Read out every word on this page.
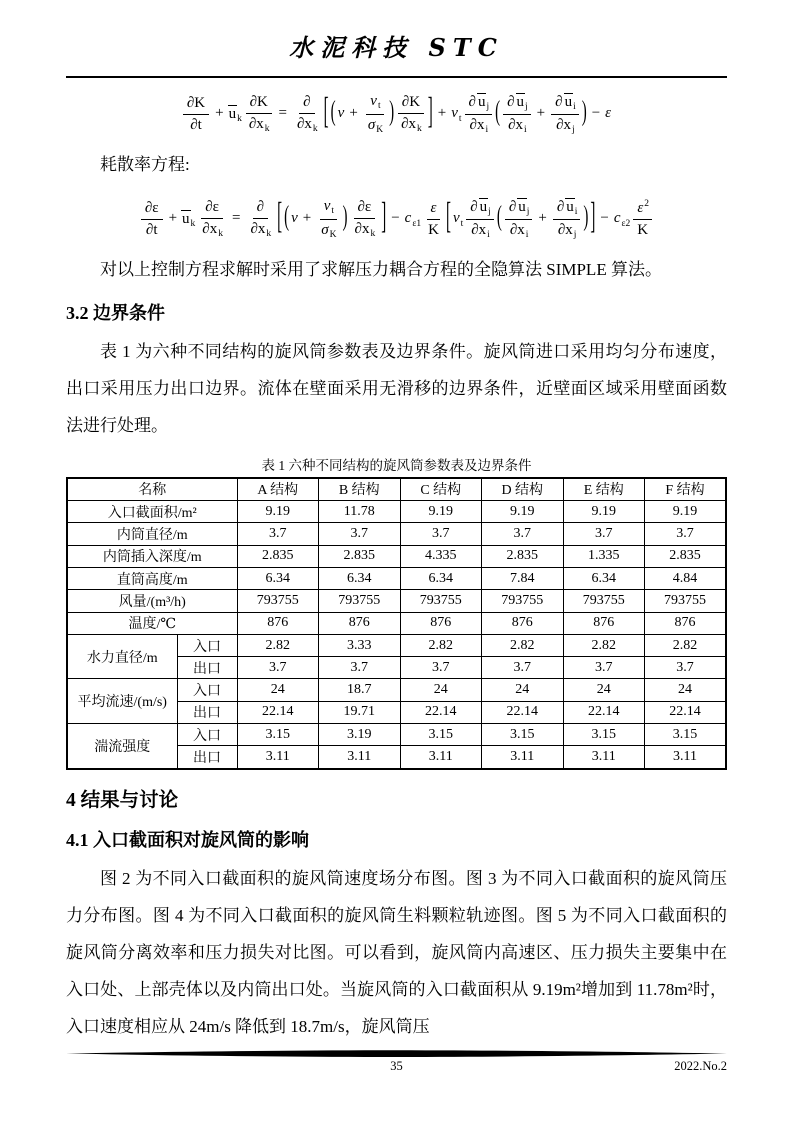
水泥科技 STC
$\frac{\partial K}{\partial t} + u_k \frac{\partial K}{\partial x_k} = \frac{\partial}{\partial x_k}$ [ ( $\nu + \frac{\nu_t}{\sigma_K}$ ) $\frac{\partial K}{\partial x_k}$ ] + $\nu_t \frac{\partial u_j}{\partial x_i}$ ( $\frac{\partial u_j}{\partial x_i} + \frac{\partial u_i}{\partial x_j}$ ) − ε

耗散率方程:

$\frac{\partial\varepsilon}{\partial t} + u_k \frac{\partial\varepsilon}{\partial x_k} = \frac{\partial}{\partial x_k}$ [ ( $\nu + \frac{\nu_t}{\sigma_K}$ ) $\frac{\partial\varepsilon}{\partial x_k}$ ] − $c_{\varepsilon 1} \frac{\varepsilon}{K}$ [ $\nu_t \frac{\partial u_j}{\partial x_i}$ ( $\frac{\partial u_j}{\partial x_i} + \frac{\partial u_i}{\partial x_j}$ ) ] − $c_{\varepsilon 2} \frac{\varepsilon^2}{K}$

对以上控制方程求解时采用了求解压力耦合方程的全隐算法 SIMPLE 算法。

3.2 边界条件

表 1 为六种不同结构的旋风筒参数表及边界条件。旋风筒进口采用均匀分布速度，出口采用压力出口边界。流体在壁面采用无滑移的边界条件，近壁面区域采用壁面函数法进行处理。

表 1 六种不同结构的旋风筒参数表及边界条件
名称		A 结构	B 结构	C 结构	D 结构	E 结构	F 结构
入口截面积/m²		9.19	11.78	9.19	9.19	9.19	9.19
内筒直径/m		3.7	3.7	3.7	3.7	3.7	3.7
内筒插入深度/m		2.835	2.835	4.335	2.835	1.335	2.835
直筒高度/m		6.34	6.34	6.34	7.84	6.34	4.84
风量/(m³/h)		793755	793755	793755	793755	793755	793755
温度/℃		876	876	876	876	876	876
水力直径/m	入口	2.82	3.33	2.82	2.82	2.82	2.82
	出口	3.7	3.7	3.7	3.7	3.7	3.7
平均流速/(m/s)	入口	24	18.7	24	24	24	24
	出口	22.14	19.71	22.14	22.14	22.14	22.14
湍流强度	入口	3.15	3.19	3.15	3.15	3.15	3.15
	出口	3.11	3.11	3.11	3.11	3.11	3.11
4 结果与讨论
4.1 入口截面积对旋风筒的影响

图 2 为不同入口截面积的旋风筒速度场分布图。图 3 为不同入口截面积的旋风筒压力分布图。图 4 为不同入口截面积的旋风筒生料颗粒轨迹图。图 5 为不同入口截面积的旋风筒分离效率和压力损失对比图。可以看到，旋风筒内高速区、压力损失主要集中在入口处、上部壳体以及内筒出口处。当旋风筒的入口截面积从 9.19m²增加到 11.78m²时，入口速度相应从 24m/s 降低到 18.7m/s，旋风筒压

35	2022.No.2
